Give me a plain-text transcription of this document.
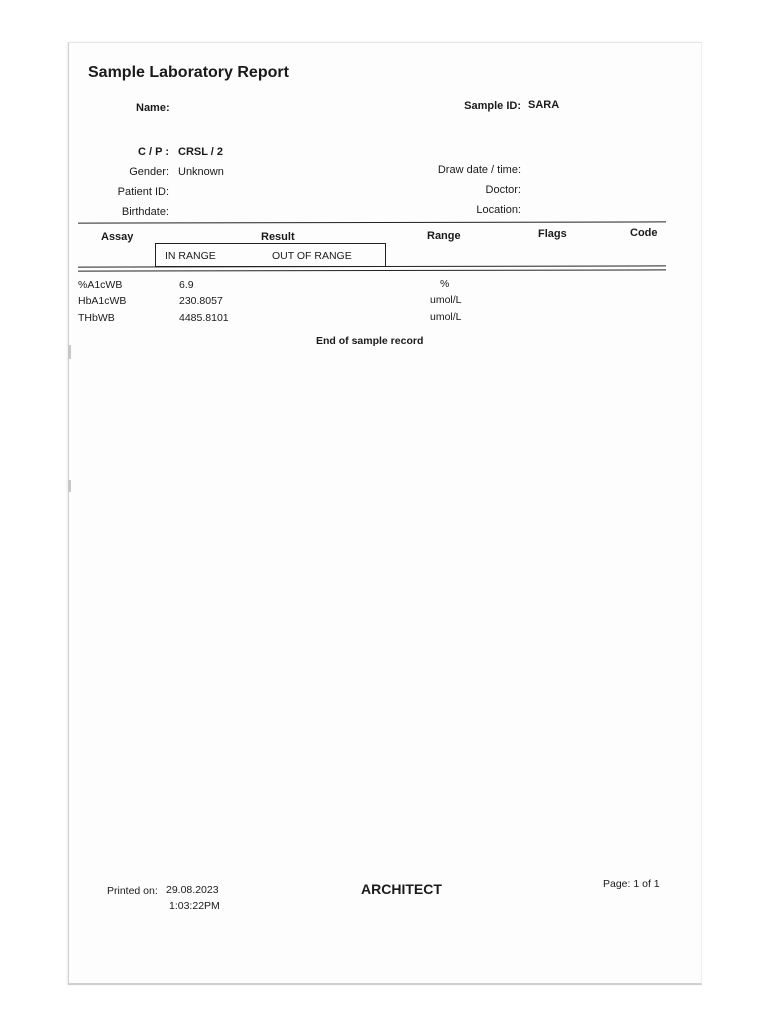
Sample Laboratory Report
Name:
C / P : CRSL / 2
Gender: Unknown
Patient ID:
Birthdate:
Sample ID: SARA
Draw date / time:
Doctor:
Location:
Assay	Result	Range	Flags	Code
IN RANGE	OUT OF RANGE
%A1cWB	6.9	%
HbA1cWB	230.8057	umol/L
THbWB	4485.8101	umol/L
End of sample record
Printed on: 29.08.2023
1:03:22PM
ARCHITECT	Page: 1 of 1
